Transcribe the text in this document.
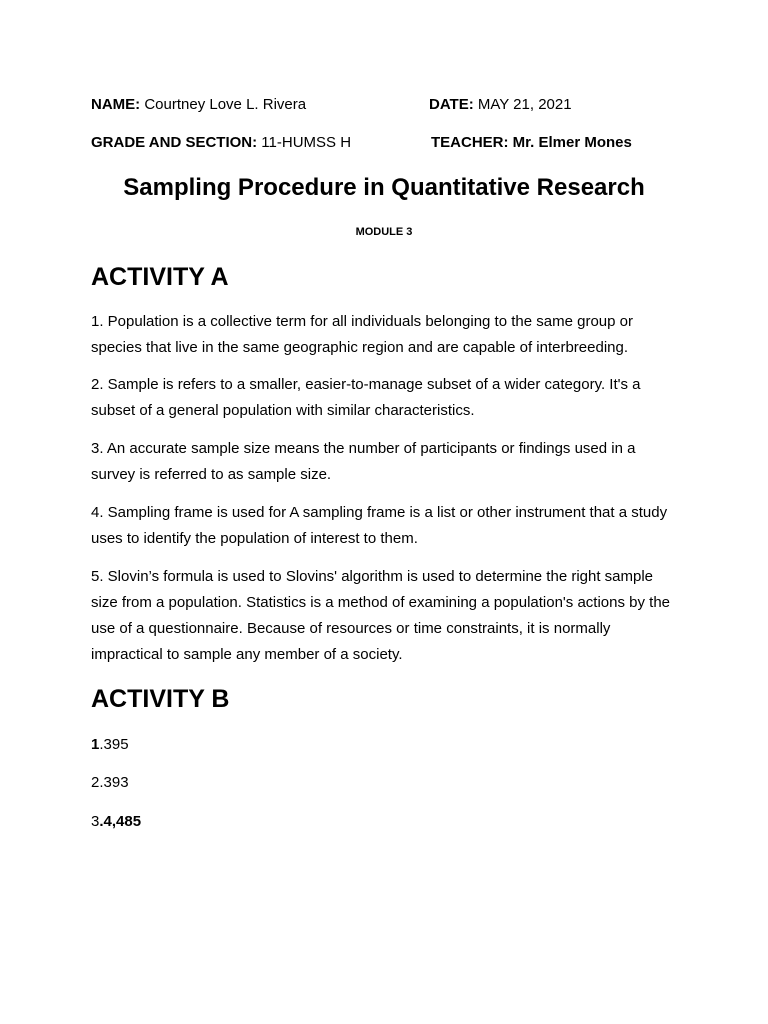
NAME: Courtney Love L. Rivera	DATE: MAY 21, 2021
GRADE AND SECTION: 11-HUMSS H	TEACHER: Mr. Elmer Mones
Sampling Procedure in Quantitative Research
MODULE 3
ACTIVITY A
1. Population is a collective term for all individuals belonging to the same group or species that live in the same geographic region and are capable of interbreeding.
2. Sample is refers to a smaller, easier-to-manage subset of a wider category. It's a subset of a general population with similar characteristics.
3. An accurate sample size means the number of participants or findings used in a survey is referred to as sample size.
4. Sampling frame is used for A sampling frame is a list or other instrument that a study uses to identify the population of interest to them.
5. Slovin’s formula is used to Slovins' algorithm is used to determine the right sample size from a population. Statistics is a method of examining a population's actions by the use of a questionnaire. Because of resources or time constraints, it is normally impractical to sample any member of a society.
ACTIVITY B
1.395
2.393
3.4,485
